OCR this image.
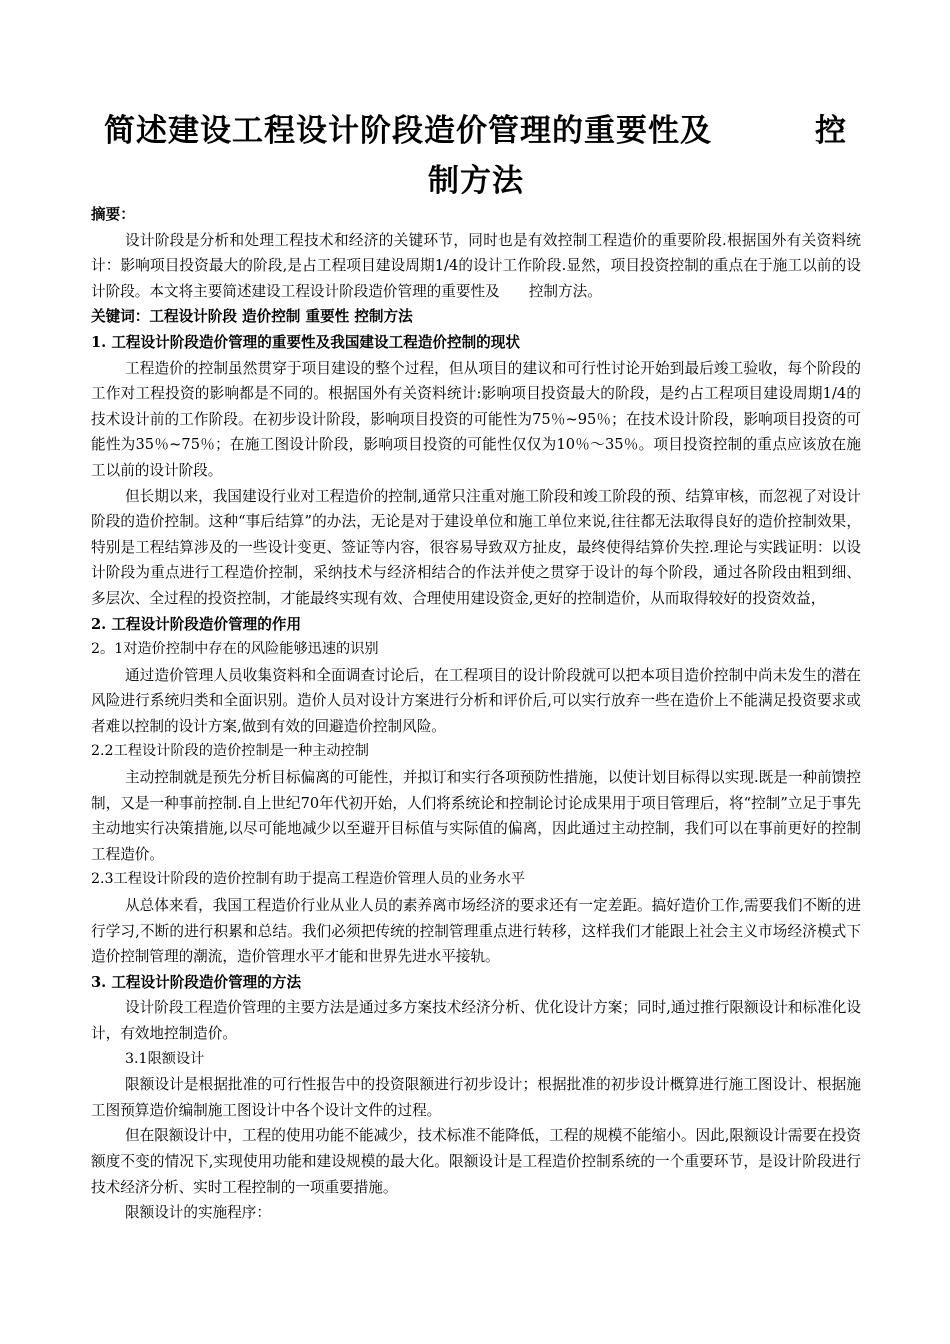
简述建设工程设计阶段造价管理的重要性及	控
制方法

摘要：

设计阶段是分析和处理工程技术和经济的关键环节，同时也是有效控制工程造价的重要阶段.根据国外有关资料统计：影响项目投资最大的阶段,是占工程项目建设周期1/4的设计工作阶段.显然，项目投资控制的重点在于施工以前的设计阶段。本文将主要简述建设工程设计阶段造价管理的重要性及　　控制方法。

关键词：工程设计阶段 造价控制 重要性 控制方法

1. 工程设计阶段造价管理的重要性及我国建设工程造价控制的现状

工程造价的控制虽然贯穿于项目建设的整个过程，但从项目的建议和可行性讨论开始到最后竣工验收，每个阶段的工作对工程投资的影响都是不同的。根据国外有关资料统计:影响项目投资最大的阶段，是约占工程项目建设周期1/4的技术设计前的工作阶段。在初步设计阶段，影响项目投资的可能性为75％~95％；在技术设计阶段，影响项目投资的可能性为35％~75％；在施工图设计阶段，影响项目投资的可能性仅仅为10％～35％。项目投资控制的重点应该放在施工以前的设计阶段。

但长期以来，我国建设行业对工程造价的控制,通常只注重对施工阶段和竣工阶段的预、结算审核，而忽视了对设计阶段的造价控制。这种“事后结算”的办法，无论是对于建设单位和施工单位来说,往往都无法取得良好的造价控制效果，特别是工程结算涉及的一些设计变更、签证等内容，很容易导致双方扯皮，最终使得结算价失控.理论与实践证明：以设计阶段为重点进行工程造价控制，采纳技术与经济相结合的作法并使之贯穿于设计的每个阶段，通过各阶段由粗到细、多层次、全过程的投资控制，才能最终实现有效、合理使用建设资金,更好的控制造价，从而取得较好的投资效益，

2. 工程设计阶段造价管理的作用

2。1对造价控制中存在的风险能够迅速的识别

通过造价管理人员收集资料和全面调查讨论后，在工程项目的设计阶段就可以把本项目造价控制中尚未发生的潜在风险进行系统归类和全面识别。造价人员对设计方案进行分析和评价后,可以实行放弃一些在造价上不能满足投资要求或者难以控制的设计方案,做到有效的回避造价控制风险。

2.2工程设计阶段的造价控制是一种主动控制

主动控制就是预先分析目标偏离的可能性，并拟订和实行各项预防性措施，以使计划目标得以实现.既是一种前馈控制，又是一种事前控制.自上世纪70年代初开始，人们将系统论和控制论讨论成果用于项目管理后，将“控制”立足于事先主动地实行决策措施,以尽可能地减少以至避开目标值与实际值的偏离，因此通过主动控制，我们可以在事前更好的控制工程造价。

2.3工程设计阶段的造价控制有助于提高工程造价管理人员的业务水平

从总体来看，我国工程造价行业从业人员的素养离市场经济的要求还有一定差距。搞好造价工作,需要我们不断的进行学习,不断的进行积累和总结。我们必须把传统的控制管理重点进行转移，这样我们才能跟上社会主义市场经济模式下造价控制管理的潮流，造价管理水平才能和世界先进水平接轨。

3. 工程设计阶段造价管理的方法

设计阶段工程造价管理的主要方法是通过多方案技术经济分析、优化设计方案；同时,通过推行限额设计和标准化设计，有效地控制造价。

3.1限额设计

限额设计是根据批准的可行性报告中的投资限额进行初步设计；根据批准的初步设计概算进行施工图设计、根据施工图预算造价编制施工图设计中各个设计文件的过程。

但在限额设计中，工程的使用功能不能减少，技术标准不能降低，工程的规模不能缩小。因此,限额设计需要在投资额度不变的情况下,实现使用功能和建设规模的最大化。限额设计是工程造价控制系统的一个重要环节，是设计阶段进行技术经济分析、实时工程控制的一项重要措施。

限额设计的实施程序：
